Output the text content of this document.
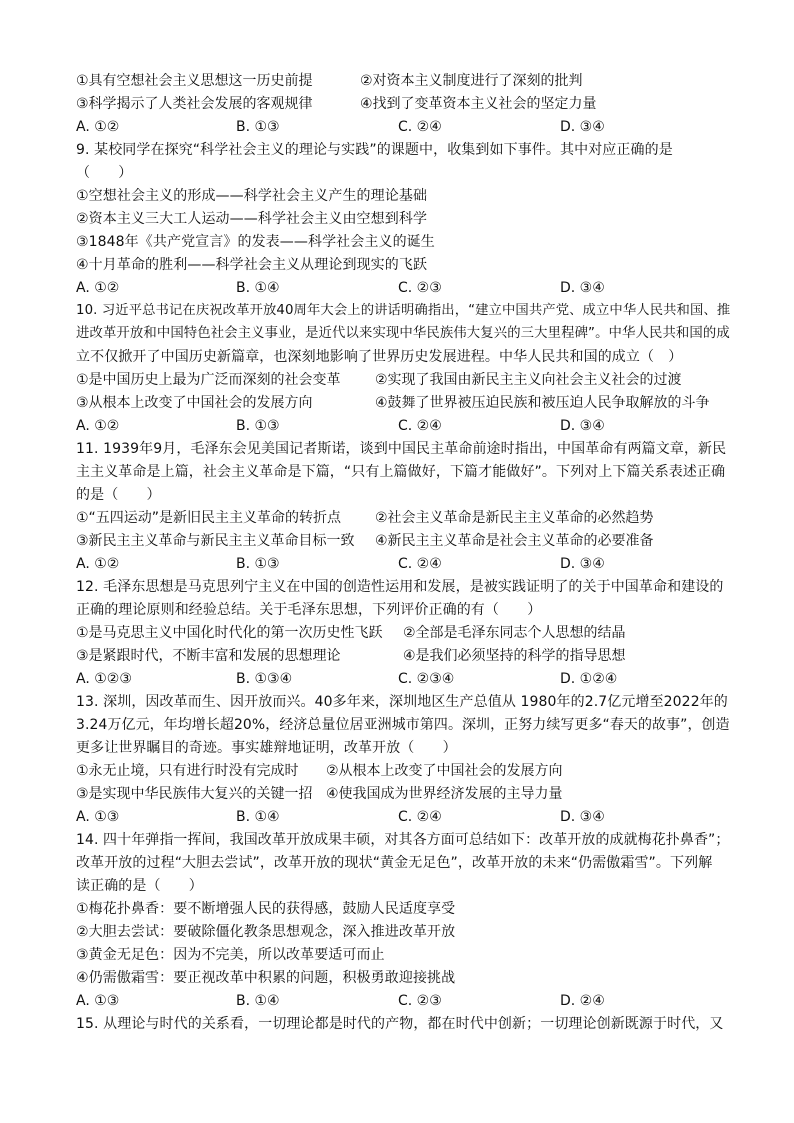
①具有空想社会主义思想这一历史前提	②对资本主义制度进行了深刻的批判
③科学揭示了人类社会发展的客观规律	④找到了变革资本主义社会的坚定力量
A. ①②	B. ①③	C. ②④	D. ③④
9. 某校同学在探究“科学社会主义的理论与实践”的课题中，收集到如下事件。其中对应正确的是
（　　）
①空想社会主义的形成——科学社会主义产生的理论基础
②资本主义三大工人运动——科学社会主义由空想到科学
③1848年《共产党宣言》的发表——科学社会主义的诞生
④十月革命的胜利——科学社会主义从理论到现实的飞跃
A. ①②	B. ①④	C. ②③	D. ③④
10. 习近平总书记在庆祝改革开放40周年大会上的讲话明确指出，“建立中国共产党、成立中华人民共和国、推
进改革开放和中国特色社会主义事业，是近代以来实现中华民族伟大复兴的三大里程碑”。中华人民共和国的成
立不仅掀开了中国历史新篇章，也深刻地影响了世界历史发展进程。中华人民共和国的成立（　）
①是中国历史上最为广泛而深刻的社会变革 ②实现了我国由新民主主义向社会主义社会的过渡
③从根本上改变了中国社会的发展方向	④鼓舞了世界被压迫民族和被压迫人民争取解放的斗争
A. ①②	B. ①③	C. ②④	D. ③④
11. 1939年9月，毛泽东会见美国记者斯诺，谈到中国民主革命前途时指出，中国革命有两篇文章，新民
主主义革命是上篇，社会主义革命是下篇，“只有上篇做好，下篇才能做好”。下列对上下篇关系表述正确
的是（　　）
①“五四运动”是新旧民主主义革命的转折点 ②社会主义革命是新民主主义革命的必然趋势
③新民主主义革命与新民主主义革命目标一致 ④新民主主义革命是社会主义革命的必要准备
A. ①②	B. ①③	C. ②④	D. ③④
12. 毛泽东思想是马克思列宁主义在中国的创造性运用和发展，是被实践证明了的关于中国革命和建设的
正确的理论原则和经验总结。关于毛泽东思想，下列评价正确的有（　　）
①是马克思主义中国化时代化的第一次历史性飞跃 ②全部是毛泽东同志个人思想的结晶
③是紧跟时代，不断丰富和发展的思想理论	④是我们必须坚持的科学的指导思想
A. ①②③	B. ①③④	C. ②③④	D. ①②④
13. 深圳，因改革而生、因开放而兴。40多年来，深圳地区生产总值从 1980年的2.7亿元增至2022年的
3.24万亿元，年均增长超20%，经济总量位居亚洲城市第四。深圳，正努力续写更多“春天的故事”，创造
更多让世界瞩目的奇迹。事实雄辩地证明，改革开放（　　）
①永无止境，只有进行时没有完成时 ②从根本上改变了中国社会的发展方向
③是实现中华民族伟大复兴的关键一招 ④使我国成为世界经济发展的主导力量
A. ①③	B. ①④	C. ②④	D. ③④
14. 四十年弹指一挥间，我国改革开放成果丰硕，对其各方面可总结如下：改革开放的成就梅花扑鼻香”；
改革开放的过程“大胆去尝试”，改革开放的现状“黄金无足色”，改革开放的未来“仍需傲霜雪”。下列解
读正确的是（　　）
①梅花扑鼻香：要不断增强人民的获得感，鼓励人民适度享受
②大胆去尝试：要破除僵化教条思想观念，深入推进改革开放
③黄金无足色：因为不完美，所以改革要适可而止
④仍需傲霜雪：要正视改革中积累的问题，积极勇敢迎接挑战
A. ①③	B. ①④	C. ②③	D. ②④
15. 从理论与时代的关系看，一切理论都是时代的产物，都在时代中创新；一切理论创新既源于时代，又
